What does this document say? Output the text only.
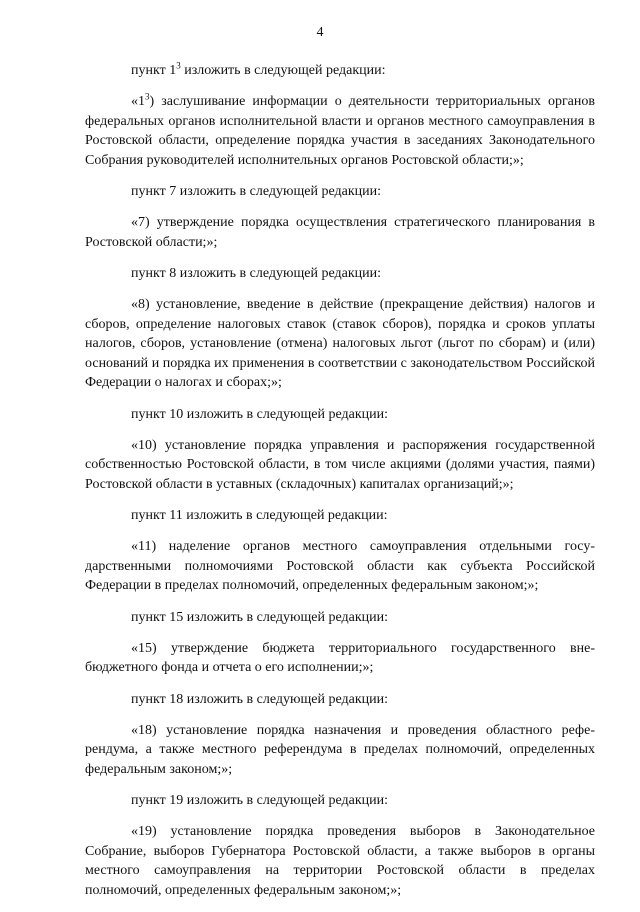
4

пункт $1^3$ изложить в следующей редакции:

«$1^3$) заслушивание информации о деятельности территориальных органов федеральных органов исполнительной власти и органов местного самоуправления в Ростовской области, определение порядка участия в заседаниях Законодательного Собрания руководителей исполнительных органов Ростовской области;»;

пункт 7 изложить в следующей редакции:

«7) утверждение порядка осуществления стратегического планирования в Ростовской области;»;

пункт 8 изложить в следующей редакции:

«8) установление, введение в действие (прекращение действия) налогов и сборов, определение налоговых ставок (ставок сборов), порядка и сроков уплаты налогов, сборов, установление (отмена) налоговых льгот (льгот по сборам) и (или) оснований и порядка их применения в соответствии с законодательством Российской Федерации о налогах и сборах;»;

пункт 10 изложить в следующей редакции:

«10) установление порядка управления и распоряжения государственной собственностью Ростовской области, в том числе акциями (долями участия, паями) Ростовской области в уставных (складочных) капиталах организаций;»;

пункт 11 изложить в следующей редакции:

«11) наделение органов местного самоуправления отдельными государственными полномочиями Ростовской области как субъекта Российской Федерации в пределах полномочий, определенных федеральным законом;»;

пункт 15 изложить в следующей редакции:

«15) утверждение бюджета территориального государственного внебюджетного фонда и отчета о его исполнении;»;

пункт 18 изложить в следующей редакции:

«18) установление порядка назначения и проведения областного референдума, а также местного референдума в пределах полномочий, определенных федеральным законом;»;

пункт 19 изложить в следующей редакции:

«19) установление порядка проведения выборов в Законодательное Собрание, выборов Губернатора Ростовской области, а также выборов в органы местного самоуправления на территории Ростовской области в пределах полномочий, определенных федеральным законом;»;
